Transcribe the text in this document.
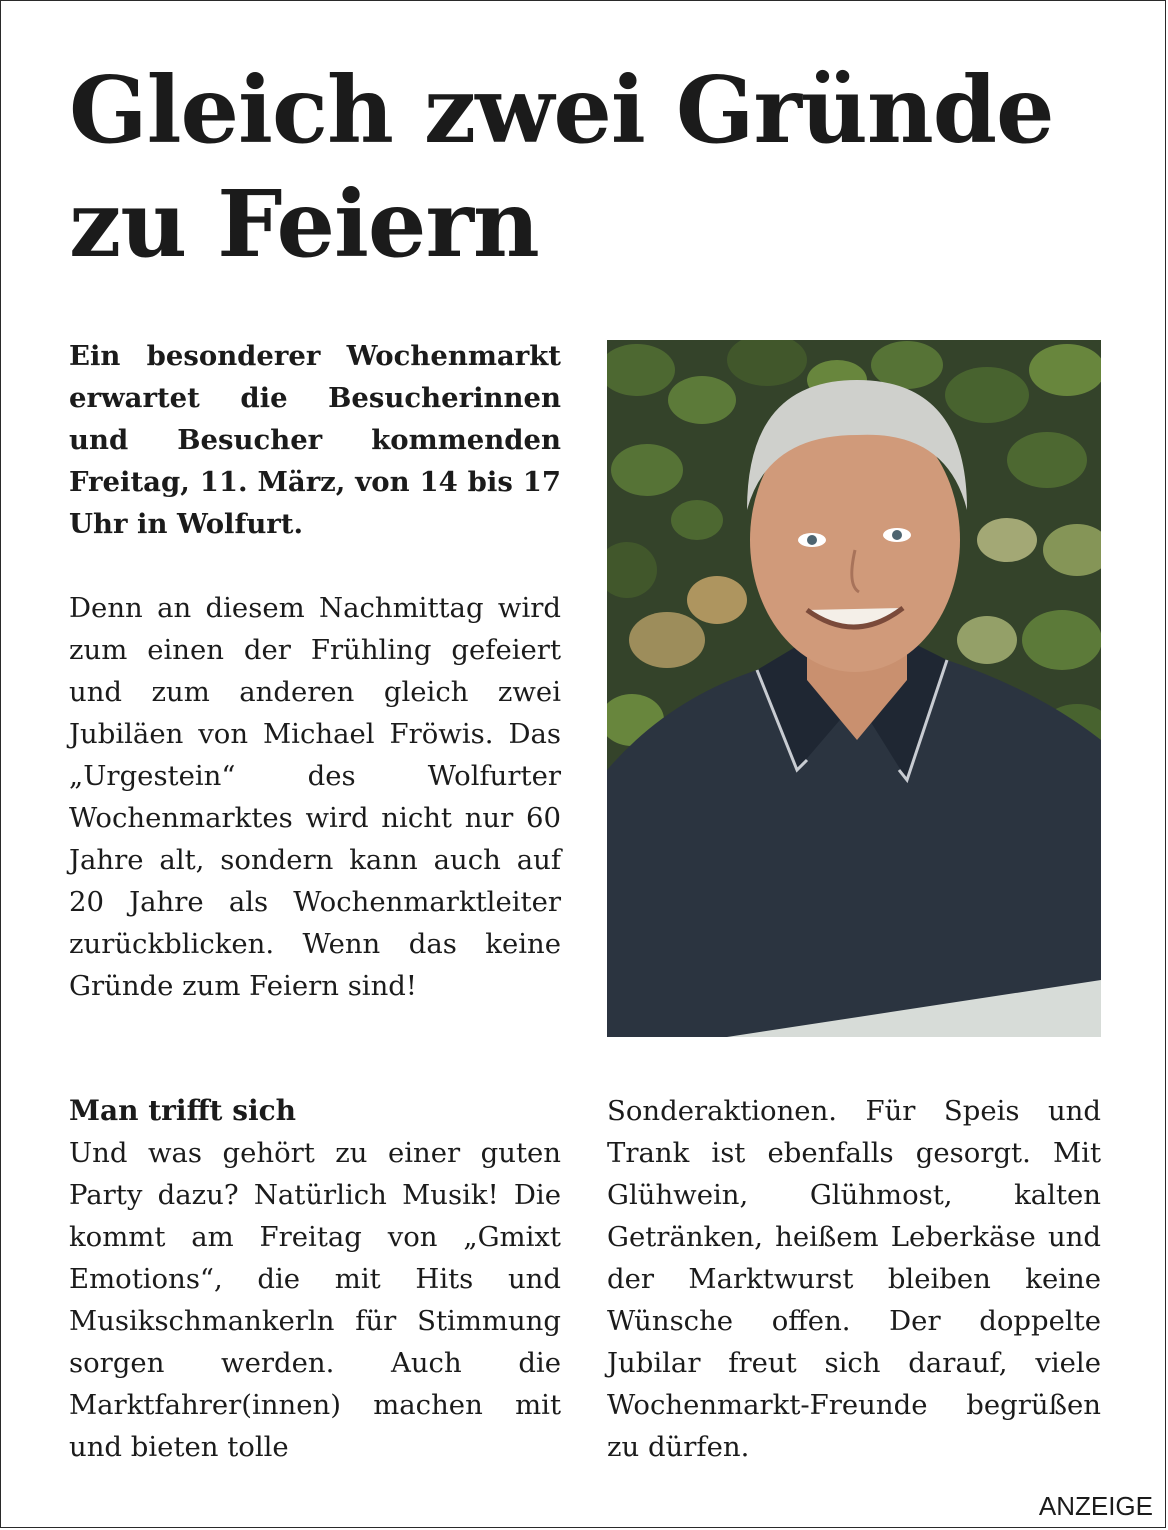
Gleich zwei Gründe zu Feiern

Ein besonderer Wochenmarkt erwartet die Besucherinnen und Besucher kommenden Freitag, 11. März, von 14 bis 17 Uhr in Wolfurt.

Denn an diesem Nachmittag wird zum einen der Frühling gefeiert und zum anderen gleich zwei Jubiläen von Michael Fröwis. Das „Urgestein“ des Wolfurter Wochenmarktes wird nicht nur 60 Jahre alt, sondern kann auch auf 20 Jahre als Wochenmarktleiter zurückblicken. Wenn das keine Gründe zum Feiern sind!

Man trifft sich

Und was gehört zu einer guten Party dazu? Natürlich Musik! Die kommt am Freitag von „Gmixt Emotions“, die mit Hits und Musikschmankerln für Stimmung sorgen werden. Auch die Marktfahrer(innen) machen mit und bieten tolle

Sonderaktionen. Für Speis und Trank ist ebenfalls gesorgt. Mit Glühwein, Glühmost, kalten Getränken, heißem Leberkäse und der Marktwurst bleiben keine Wünsche offen. Der doppelte Jubilar freut sich darauf, viele Wochenmarkt-Freunde begrüßen zu dürfen.

ANZEIGE
